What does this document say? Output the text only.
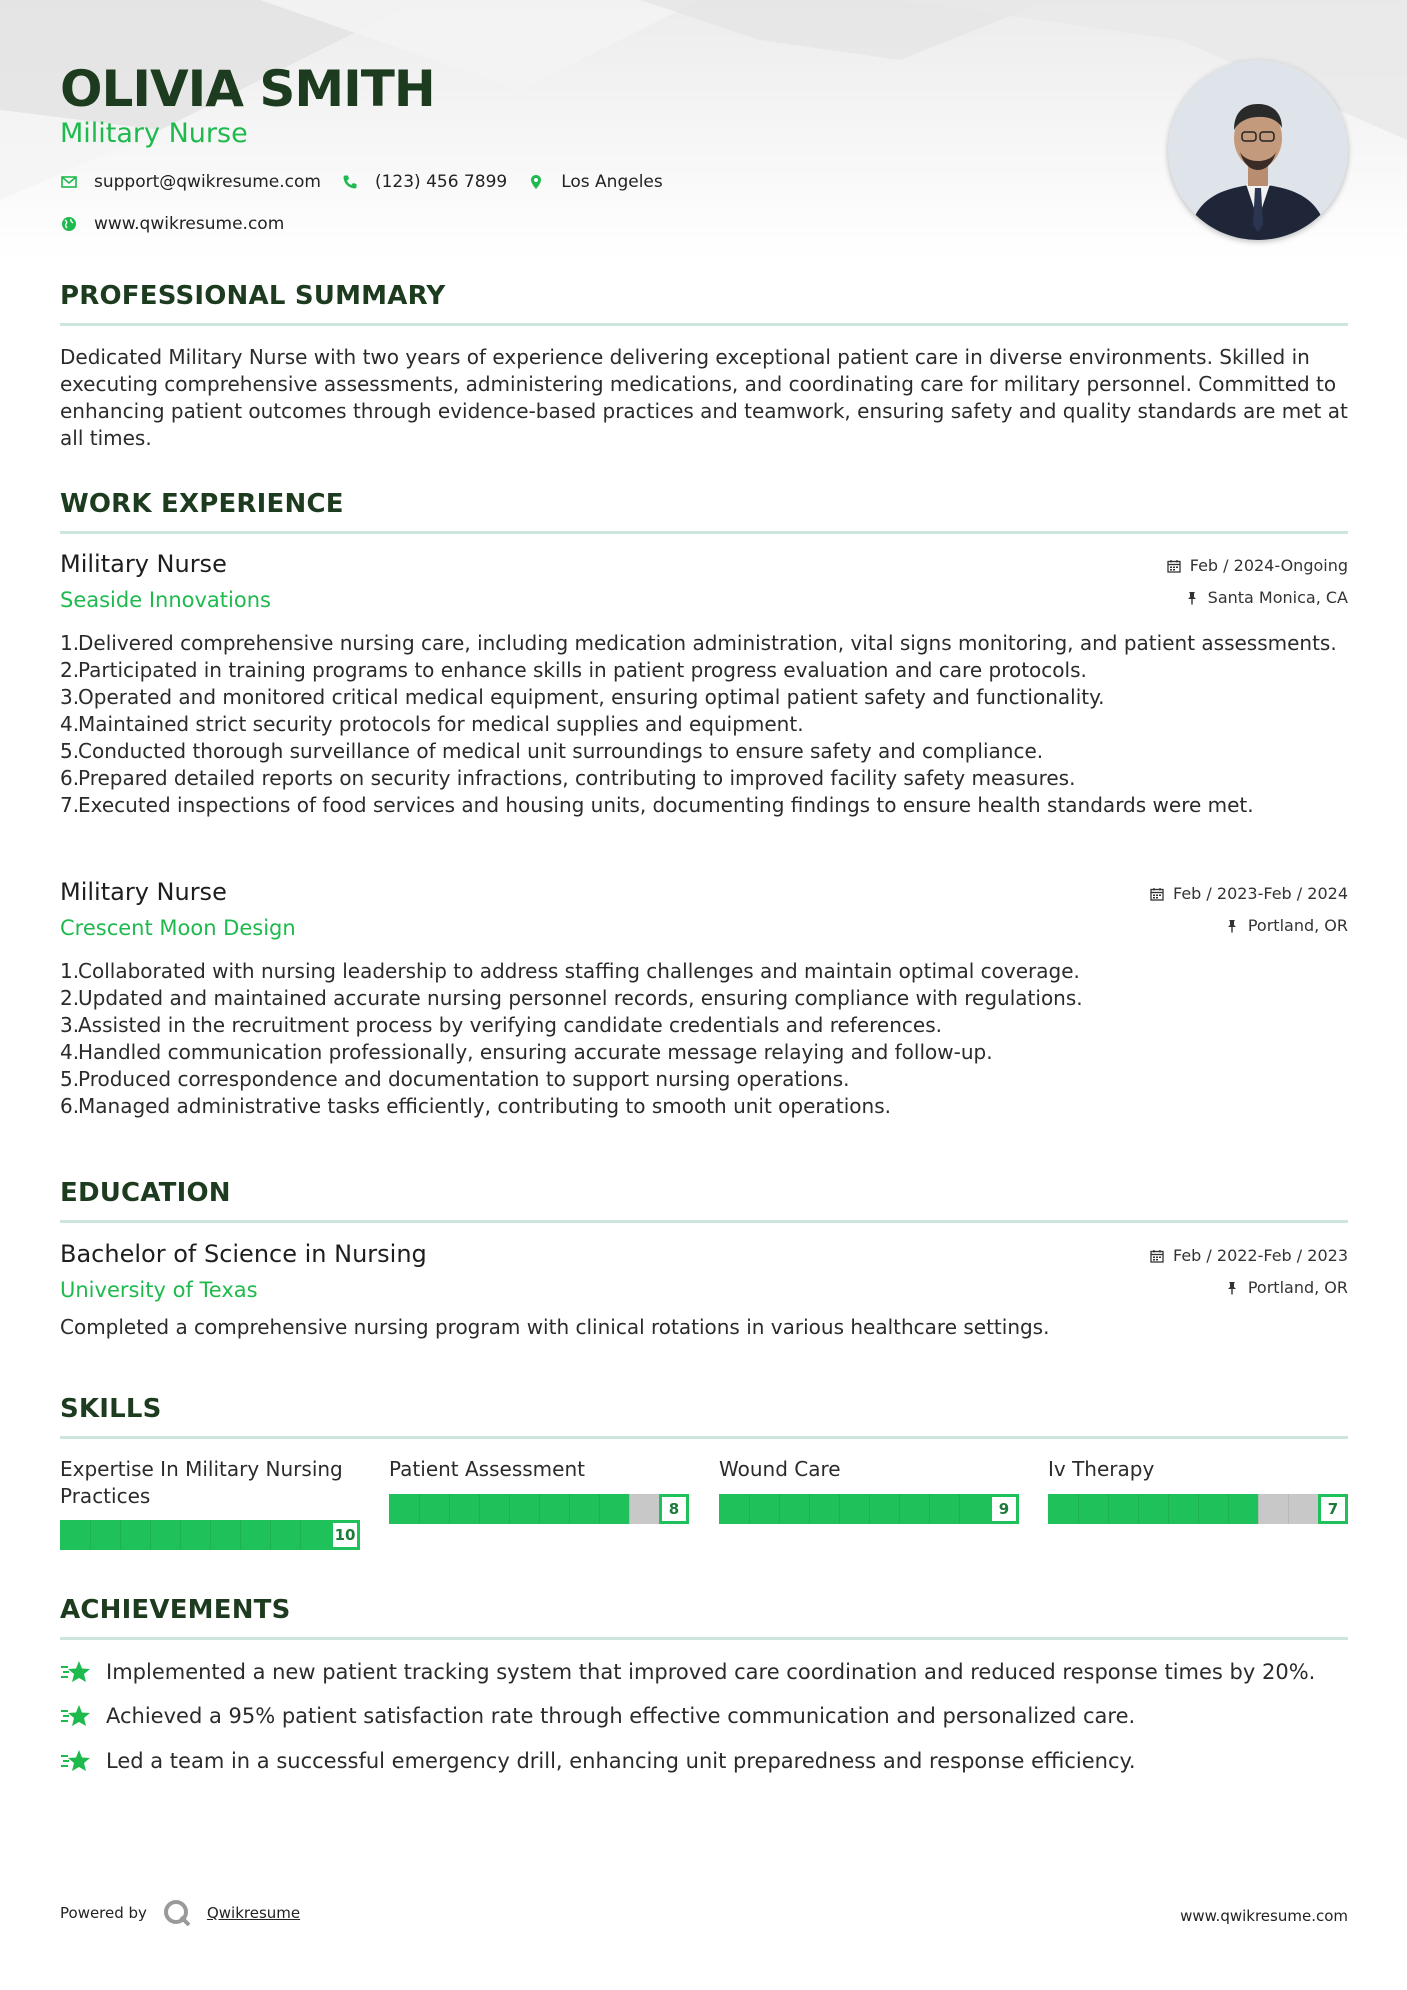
OLIVIA SMITH
Military Nurse
support@qwikresume.com	(123) 456 7899	Los Angeles
www.qwikresume.com
PROFESSIONAL SUMMARY
Dedicated Military Nurse with two years of experience delivering exceptional patient care in diverse environments. Skilled in executing comprehensive assessments, administering medications, and coordinating care for military personnel. Committed to enhancing patient outcomes through evidence-based practices and teamwork, ensuring safety and quality standards are met at all times.
WORK EXPERIENCE
Military Nurse
Seaside Innovations
Feb / 2024-Ongoing
Santa Monica, CA
1.
Delivered comprehensive nursing care, including medication administration, vital signs monitoring, and patient assessments.
2.
Participated in training programs to enhance skills in patient progress evaluation and care protocols.
3.
Operated and monitored critical medical equipment, ensuring optimal patient safety and functionality.
4.
Maintained strict security protocols for medical supplies and equipment.
5.
Conducted thorough surveillance of medical unit surroundings to ensure safety and compliance.
6.
Prepared detailed reports on security infractions, contributing to improved facility safety measures.
7.
Executed inspections of food services and housing units, documenting findings to ensure health standards were met.
Military Nurse
Crescent Moon Design
Feb / 2023-Feb / 2024
Portland, OR
1.
Collaborated with nursing leadership to address staffing challenges and maintain optimal coverage.
2.
Updated and maintained accurate nursing personnel records, ensuring compliance with regulations.
3.
Assisted in the recruitment process by verifying candidate credentials and references.
4.
Handled communication professionally, ensuring accurate message relaying and follow-up.
5.
Produced correspondence and documentation to support nursing operations.
6.
Managed administrative tasks efficiently, contributing to smooth unit operations.
EDUCATION
Bachelor of Science in Nursing
University of Texas
Feb / 2022-Feb / 2023
Portland, OR
Completed a comprehensive nursing program with clinical rotations in various healthcare settings.
SKILLS
Expertise In Military Nursing Practices
10
Patient Assessment
8
Wound Care
9
Iv Therapy
7
ACHIEVEMENTS
Implemented a new patient tracking system that improved care coordination and reduced response times by 20%.
Achieved a 95% patient satisfaction rate through effective communication and personalized care.
Led a team in a successful emergency drill, enhancing unit preparedness and response efficiency.
Powered by	Qwikresume	www.qwikresume.com
